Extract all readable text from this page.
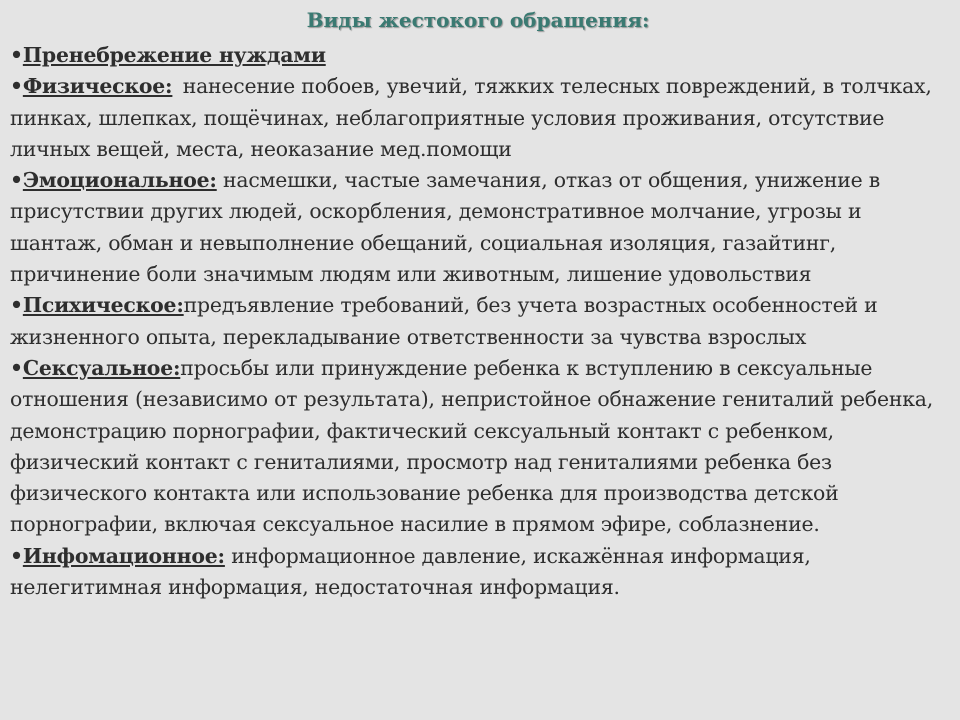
Виды жестокого обращения:

•Пренебрежение нуждами

•Физическое: нанесение побоев, увечий, тяжких телесных повреждений, в толчках, пинках, шлепках, пощёчинах, неблагоприятные условия проживания, отсутствие личных вещей, места, неоказание мед.помощи

•Эмоциональное: насмешки, частые замечания, отказ от общения, унижение в присутствии других людей, оскорбления, демонстративное молчание, угрозы и шантаж, обман и невыполнение обещаний, социальная изоляция, газайтинг, причинение боли значимым людям или животным, лишение удовольствия

•Психическое:предъявление требований, без учета возрастных особенностей и жизненного опыта, перекладывание ответственности за чувства взрослых

•Сексуальное:просьбы или принуждение ребенка к вступлению в сексуальные отношения (независимо от результата), непристойное обнажение гениталий ребенка, демонстрацию порнографии, фактический сексуальный контакт с ребенком, физический контакт с гениталиями, просмотр над гениталиями ребенка без физического контакта или использование ребенка для производства детской порнографии, включая сексуальное насилие в прямом эфире, соблазнение.

•Инфомационное: информационное давление, искажённая информация, нелегитимная информация, недостаточная информация.
